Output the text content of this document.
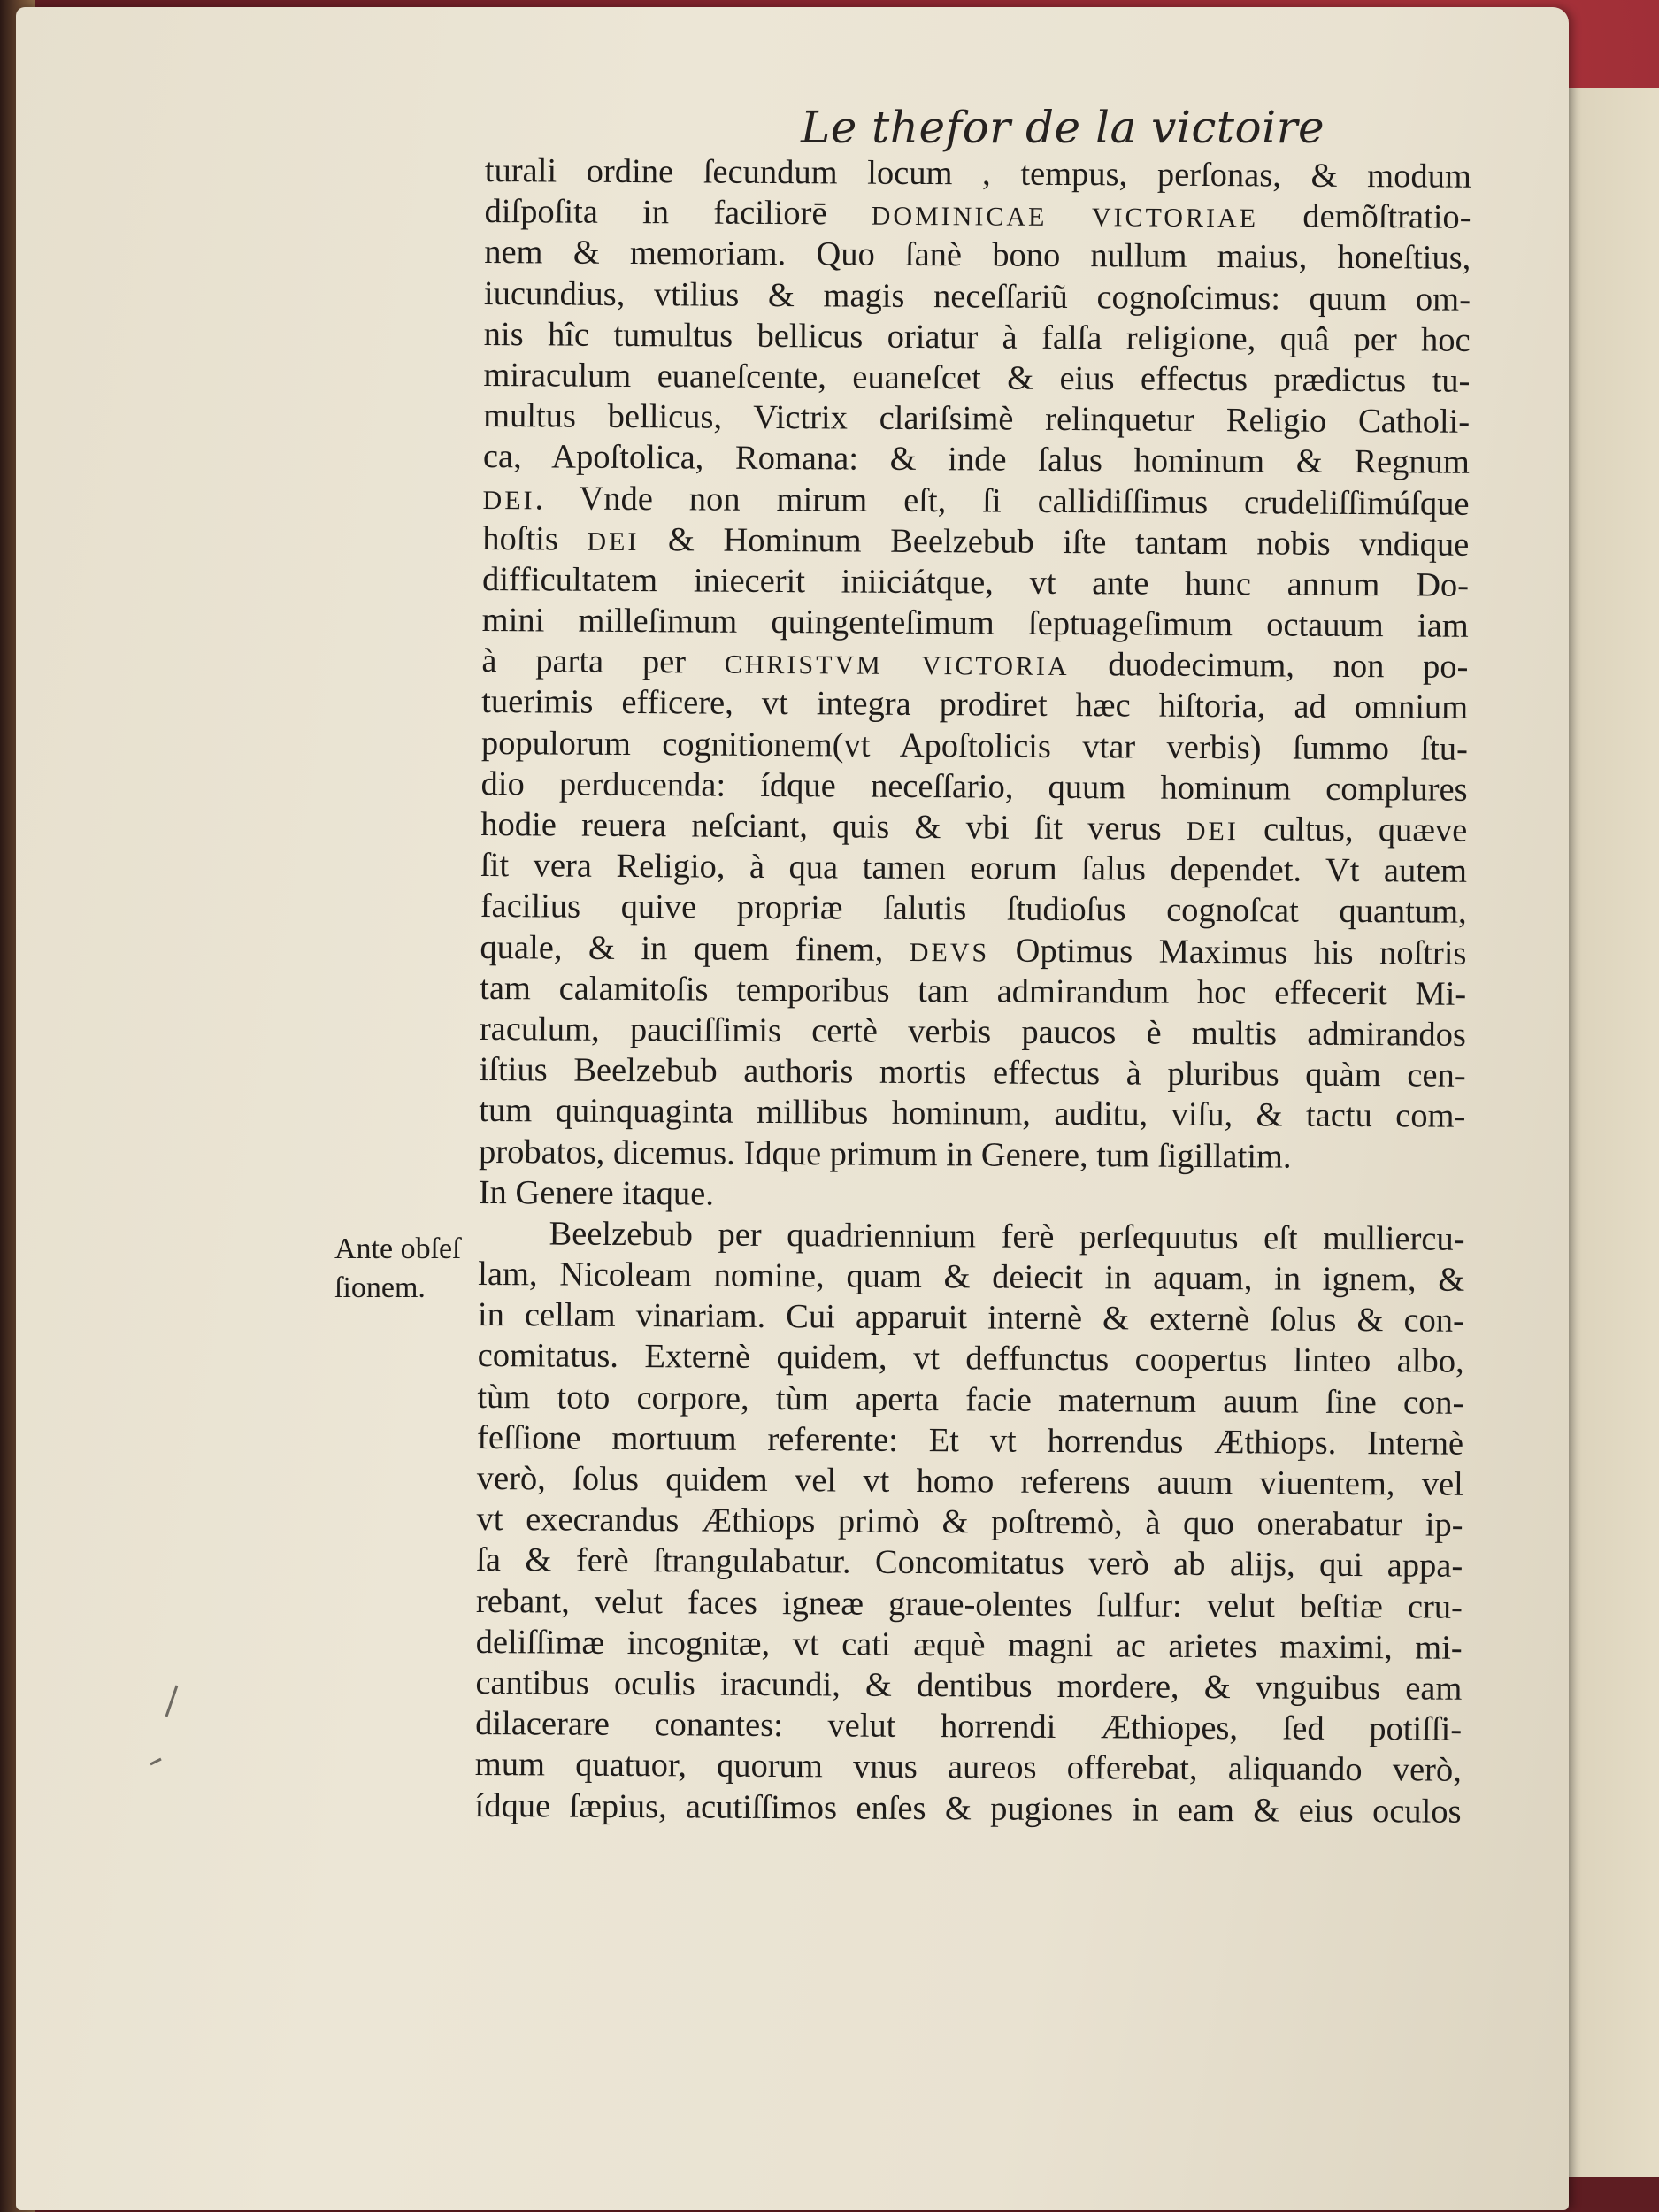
Le thefor de la victoire
Ante obſeſ
ſionem.
turali ordine ſecundum locum , tempus, perſonas, & modum
diſpoſita in faciliorē DOMINICAE VICTORIAE demõſtratio-
nem & memoriam. Quo ſanè bono nullum maius, honeſtius,
iucundius, vtilius & magis neceſſariũ cognoſcimus: quum om-
nis hîc tumultus bellicus oriatur à falſa religione, quâ per hoc
miraculum euaneſcente, euaneſcet & eius effectus prædictus tu-
multus bellicus, Victrix clariſsimè relinquetur Religio Catholi-
ca, Apoſtolica, Romana: & inde ſalus hominum & Regnum
DEI. Vnde non mirum eſt, ſi callidiſſimus crudeliſſimúſque
hoſtis DEI & Hominum Beelzebub iſte tantam nobis vndique
difficultatem iniecerit iniiciátque, vt ante hunc annum Do-
mini milleſimum quingenteſimum ſeptuageſimum octauum iam
à parta per CHRISTVM VICTORIA duodecimum, non po-
tuerimis efficere, vt integra prodiret hæc hiſtoria, ad omnium
populorum cognitionem(vt Apoſtolicis vtar verbis) ſummo ſtu-
dio perducenda: ídque neceſſario, quum hominum complures
hodie reuera neſciant, quis & vbi ſit verus DEI cultus, quæve
ſit vera Religio, à qua tamen eorum ſalus dependet. Vt autem
facilius quive propriæ ſalutis ſtudioſus cognoſcat quantum,
quale, & in quem finem, DEVS Optimus Maximus his noſtris
tam calamitoſis temporibus tam admirandum hoc effecerit Mi-
raculum, pauciſſimis certè verbis paucos è multis admirandos
iſtius Beelzebub authoris mortis effectus à pluribus quàm cen-
tum quinquaginta millibus hominum, auditu, viſu, & tactu com-
probatos, dicemus. Idque primum in Genere, tum ſigillatim.
In Genere itaque.
Beelzebub per quadriennium ferè perſequutus eſt mulliercu-
lam, Nicoleam nomine, quam & deiecit in aquam, in ignem, &
in cellam vinariam. Cui apparuit internè & externè ſolus & con-
comitatus. Externè quidem, vt deffunctus coopertus linteo albo,
tùm toto corpore, tùm aperta facie maternum auum ſine con-
feſſione mortuum referente: Et vt horrendus Æthiops. Internè
verò, ſolus quidem vel vt homo referens auum viuentem, vel
vt execrandus Æthiops primò & poſtremò, à quo onerabatur ip-
ſa & ferè ſtrangulabatur. Concomitatus verò ab alijs, qui appa-
rebant, velut faces igneæ graue-olentes ſulfur: velut beſtiæ cru-
deliſſimæ incognitæ, vt cati æquè magni ac arietes maximi, mi-
cantibus oculis iracundi, & dentibus mordere, & vnguibus eam
dilacerare conantes: velut horrendi Æthiopes, ſed potiſſi-
mum quatuor, quorum vnus aureos offerebat, aliquando verò,
ídque ſæpius, acutiſſimos enſes & pugiones in eam & eius oculos
